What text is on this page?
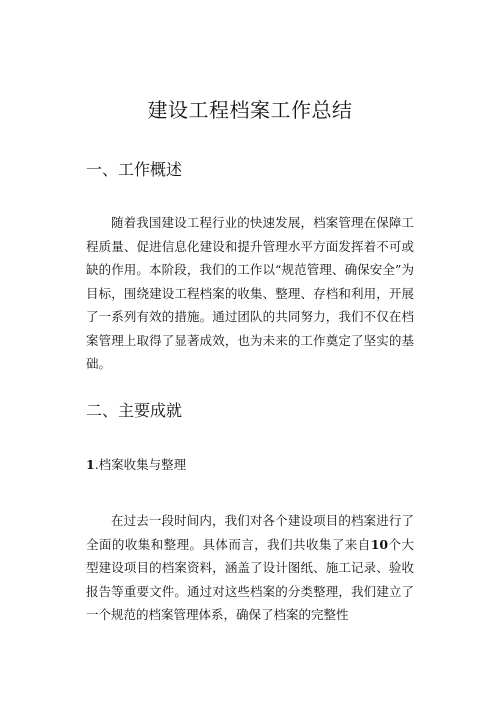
建设工程档案工作总结
一、工作概述

随着我国建设工程行业的快速发展，档案管理在保障工程质量、促进信息化建设和提升管理水平方面发挥着不可或缺的作用。本阶段，我们的工作以“规范管理、确保安全”为目标，围绕建设工程档案的收集、整理、存档和利用，开展了一系列有效的措施。通过团队的共同努力，我们不仅在档案管理上取得了显著成效，也为未来的工作奠定了坚实的基础。

二、主要成就
1.档案收集与整理

在过去一段时间内，我们对各个建设项目的档案进行了全面的收集和整理。具体而言，我们共收集了来自10个大型建设项目的档案资料，涵盖了设计图纸、施工记录、验收报告等重要文件。通过对这些档案的分类整理，我们建立了一个规范的档案管理体系，确保了档案的完整性
